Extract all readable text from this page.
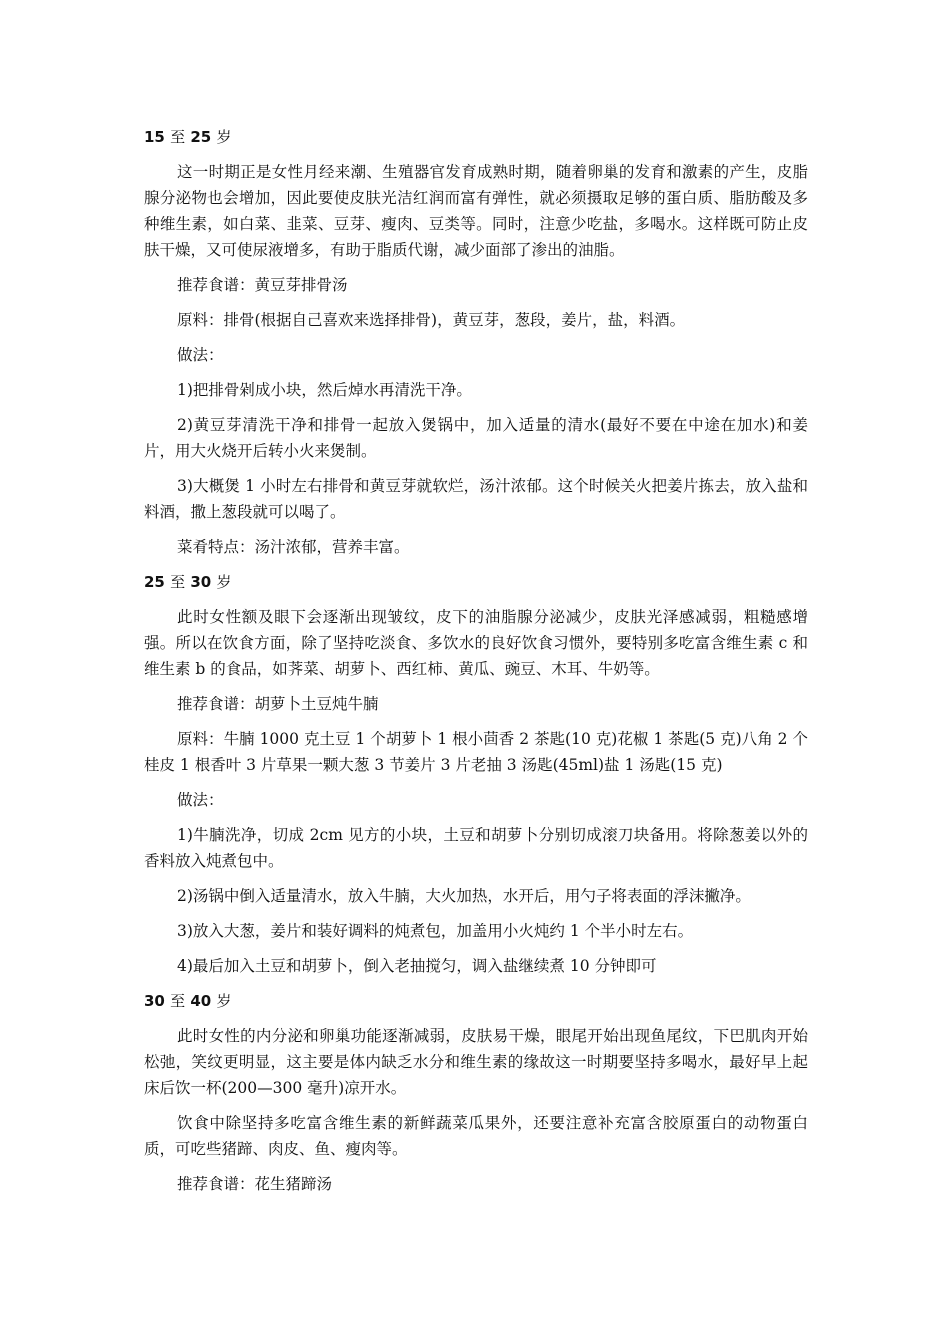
15 至 25 岁

这一时期正是女性月经来潮、生殖器官发育成熟时期，随着卵巢的发育和激素的产生，皮脂腺分泌物也会增加，因此要使皮肤光洁红润而富有弹性，就必须摄取足够的蛋白质、脂肪酸及多种维生素，如白菜、韭菜、豆芽、瘦肉、豆类等。同时，注意少吃盐，多喝水。这样既可防止皮肤干燥，又可使尿液增多，有助于脂质代谢，减少面部了渗出的油脂。

推荐食谱：黄豆芽排骨汤

原料：排骨(根据自己喜欢来选择排骨)，黄豆芽，葱段，姜片，盐，料酒。

做法：

1)把排骨剁成小块，然后焯水再清洗干净。

2)黄豆芽清洗干净和排骨一起放入煲锅中，加入适量的清水(最好不要在中途在加水)和姜片，用大火烧开后转小火来煲制。

3)大概煲 1 小时左右排骨和黄豆芽就软烂，汤汁浓郁。这个时候关火把姜片拣去，放入盐和料酒，撒上葱段就可以喝了。

菜肴特点：汤汁浓郁，营养丰富。

25 至 30 岁

此时女性额及眼下会逐渐出现皱纹，皮下的油脂腺分泌减少，皮肤光泽感减弱，粗糙感增强。所以在饮食方面，除了坚持吃淡食、多饮水的良好饮食习惯外，要特别多吃富含维生素 c 和维生素 b 的食品，如荠菜、胡萝卜、西红柿、黄瓜、豌豆、木耳、牛奶等。

推荐食谱：胡萝卜土豆炖牛腩

原料：牛腩 1000 克土豆 1 个胡萝卜 1 根小茴香 2 茶匙(10 克)花椒 1 茶匙(5 克)八角 2 个桂皮 1 根香叶 3 片草果一颗大葱 3 节姜片 3 片老抽 3 汤匙(45ml)盐 1 汤匙(15 克)

做法：

1)牛腩洗净，切成 2cm 见方的小块，土豆和胡萝卜分别切成滚刀块备用。将除葱姜以外的香料放入炖煮包中。

2)汤锅中倒入适量清水，放入牛腩，大火加热，水开后，用勺子将表面的浮沫撇净。

3)放入大葱，姜片和装好调料的炖煮包，加盖用小火炖约 1 个半小时左右。

4)最后加入土豆和胡萝卜，倒入老抽搅匀，调入盐继续煮 10 分钟即可

30 至 40 岁

此时女性的内分泌和卵巢功能逐渐减弱，皮肤易干燥，眼尾开始出现鱼尾纹，下巴肌肉开始松弛，笑纹更明显，这主要是体内缺乏水分和维生素的缘故这一时期要坚持多喝水，最好早上起床后饮一杯(200—300 毫升)凉开水。

饮食中除坚持多吃富含维生素的新鲜蔬菜瓜果外，还要注意补充富含胶原蛋白的动物蛋白质，可吃些猪蹄、肉皮、鱼、瘦肉等。

推荐食谱：花生猪蹄汤
